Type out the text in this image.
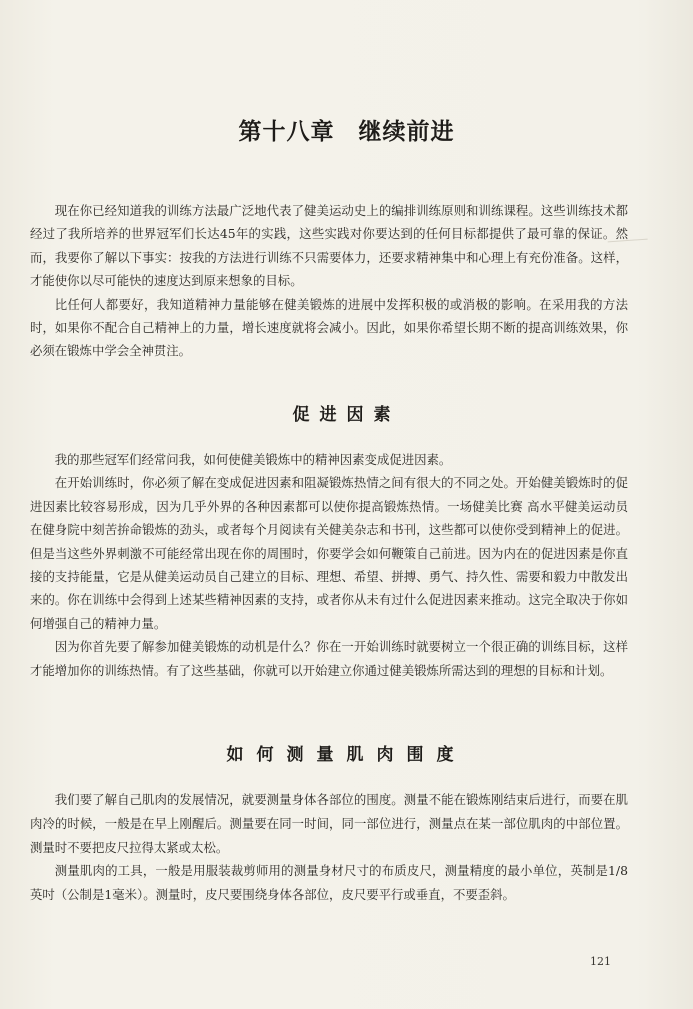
第十八章　继续前进

现在你已经知道我的训练方法最广泛地代表了健美运动史上的编排训练原则和训练课程。这些训练技术都经过了我所培养的世界冠军们长达45年的实践，这些实践对你要达到的任何目标都提供了最可靠的保证。然而，我要你了解以下事实：按我的方法进行训练不只需要体力，还要求精神集中和心理上有充份准备。这样，才能使你以尽可能快的速度达到原来想象的目标。

比任何人都要好，我知道精神力量能够在健美锻炼的进展中发挥积极的或消极的影响。在采用我的方法时，如果你不配合自己精神上的力量，增长速度就将会减小。因此，如果你希望长期不断的提高训练效果，你必须在锻炼中学会全神贯注。

促进因素

我的那些冠军们经常问我，如何使健美锻炼中的精神因素变成促进因素。

在开始训练时，你必须了解在变成促进因素和阻凝锻炼热情之间有很大的不同之处。开始健美锻炼时的促进因素比较容易形成，因为几乎外界的各种因素都可以使你提高锻炼热情。一场健美比赛 高水平健美运动员在健身院中刻苦拚命锻炼的劲头，或者每个月阅读有关健美杂志和书刊，这些都可以使你受到精神上的促进。但是当这些外界刺激不可能经常出现在你的周围时，你要学会如何鞭策自己前进。因为内在的促进因素是你直接的支持能量，它是从健美运动员自己建立的目标、理想、希望、拼搏、勇气、持久性、需要和毅力中散发出来的。你在训练中会得到上述某些精神因素的支持，或者你从未有过什么促进因素来推动。这完全取决于你如何增强自己的精神力量。

因为你首先要了解参加健美锻炼的动机是什么？你在一开始训练时就要树立一个很正确的训练目标，这样才能增加你的训练热情。有了这些基础，你就可以开始建立你通过健美锻炼所需达到的理想的目标和计划。

如何测量肌肉围度

我们要了解自己肌肉的发展情况，就要测量身体各部位的围度。测量不能在锻炼刚结束后进行，而要在肌肉冷的时候，一般是在早上刚醒后。测量要在同一时间，同一部位进行，测量点在某一部位肌肉的中部位置。测量时不要把皮尺拉得太紧或太松。

测量肌肉的工具，一般是用服装裁剪师用的测量身材尺寸的布质皮尺，测量精度的最小单位，英制是1/8英吋（公制是1毫米）。测量时，皮尺要围绕身体各部位，皮尺要平行或垂直，不要歪斜。

121
